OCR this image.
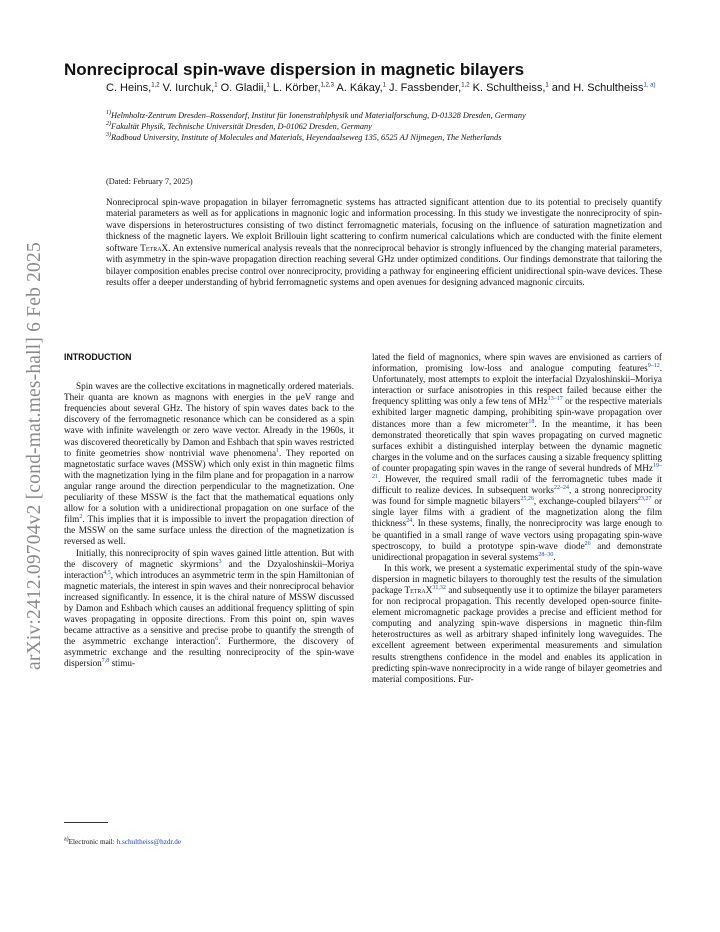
arXiv:2412.09704v2 [cond-mat.mes-hall] 6 Feb 2025
Nonreciprocal spin-wave dispersion in magnetic bilayers
C. Heins,$^{1,2}$ V. Iurchuk,$^1$ O. Gladii,$^1$ L. Körber,$^{1,2,3}$ A. Kákay,$^1$ J. Fassbender,$^{1,2}$ K. Schultheiss,$^1$ and H. Schultheiss$^{1, a)}$
$^{1)}$Helmholtz-Zentrum Dresden–Rossendorf, Institut für Ionenstrahlphysik und Materialforschung, D-01328 Dresden, Germany
$^{2)}$Fakultät Physik, Technische Universität Dresden, D-01062 Dresden, Germany
$^{3)}$Radboud University, Institute of Molecules and Materials, Heyendaalseweg 135, 6525 AJ Nijmegen, The Netherlands
(Dated: February 7, 2025)

Nonreciprocal spin-wave propagation in bilayer ferromagnetic systems has attracted significant attention due to its potential to precisely quantify material parameters as well as for applications in magnonic logic and information processing. In this study we investigate the nonreciprocity of spin-wave dispersions in heterostructures consisting of two distinct ferromagnetic materials, focusing on the influence of saturation magnetization and thickness of the magnetic layers. We exploit Brillouin light scattering to confirm numerical calculations which are conducted with the finite element software TetraX. An extensive numerical analysis reveals that the nonreciprocal behavior is strongly influenced by the changing material parameters, with asymmetry in the spin-wave propagation direction reaching several GHz under optimized conditions. Our findings demonstrate that tailoring the bilayer composition enables precise control over nonreciprocity, providing a pathway for engineering efficient unidirectional spin-wave devices. These results offer a deeper understanding of hybrid ferromagnetic systems and open avenues for designing advanced magnonic circuits.

INTRODUCTION

Spin waves are the collective excitations in magnetically ordered materials. Their quanta are known as magnons with energies in the μeV range and frequencies about several GHz. The history of spin waves dates back to the discovery of the ferromagnetic resonance which can be considered as a spin wave with infinite wavelength or zero wave vector. Already in the 1960s, it was discovered theoretically by Damon and Eshbach that spin waves restricted to finite geometries show nontrivial wave phenomena$^1$. They reported on magnetostatic surface waves (MSSW) which only exist in thin magnetic films with the magnetization lying in the film plane and for propagation in a narrow angular range around the direction perpendicular to the magnetization. One peculiarity of these MSSW is the fact that the mathematical equations only allow for a solution with a unidirectional propagation on one surface of the film$^2$. This implies that it is impossible to invert the propagation direction of the MSSW on the same surface unless the direction of the magnetization is reversed as well.

Initially, this nonreciprocity of spin waves gained little attention. But with the discovery of magnetic skyrmions$^3$ and the Dzyaloshinskii–Moriya interaction$^{4,5}$, which introduces an asymmetric term in the spin Hamiltonian of magnetic materials, the interest in spin waves and their nonreciprocal behavior increased significantly. In essence, it is the chiral nature of MSSW discussed by Damon and Eshbach which causes an additional frequency splitting of spin waves propagating in opposite directions. From this point on, spin waves became attractive as a sensitive and precise probe to quantify the strength of the asymmetric exchange interaction$^6$. Furthermore, the discovery of asymmetric exchange and the resulting nonreciprocity of the spin-wave dispersion$^{7,8}$ stimu-

lated the field of magnonics, where spin waves are envisioned as carriers of information, promising low-loss and analogue computing features$^{9-12}$. Unfortunately, most attempts to exploit the interfacial Dzyaloshinskii–Moriya interaction or surface anisotropies in this respect failed because either the frequency splitting was only a few tens of MHz$^{13-17}$ or the respective materials exhibited larger magnetic damping, prohibiting spin-wave propagation over distances more than a few micrometer$^{18}$. In the meantime, it has been demonstrated theoretically that spin waves propagating on curved magnetic surfaces exhibit a distinguished interplay between the dynamic magnetic charges in the volume and on the surfaces causing a sizable frequency splitting of counter propagating spin waves in the range of several hundreds of MHz$^{19-21}$. However, the required small radii of the ferromagnetic tubes made it difficult to realize devices. In subsequent works$^{22-24}$, a strong nonreciprocity was found for simple magnetic bilayers$^{25,26}$, exchange-coupled bilayers$^{23,27}$ or single layer films with a gradient of the magnetization along the film thickness$^{24}$. In these systems, finally, the nonreciprocity was large enough to be quantified in a small range of wave vectors using propagating spin-wave spectroscopy, to build a prototype spin-wave diode$^{26}$ and demonstrate unidirectional propagation in several systems$^{28-30}$.

In this work, we present a systematic experimental study of the spin-wave dispersion in magnetic bilayers to thoroughly test the results of the simulation package TetraX$^{31,32}$ and subsequently use it to optimize the bilayer parameters for non reciprocal propagation. This recently developed open-source finite-element micromagnetic package provides a precise and efficient method for computing and analyzing spin-wave dispersions in magnetic thin-film heterostructures as well as arbitrary shaped infinitely long waveguides. The excellent agreement between experimental measurements and simulation results strengthens confidence in the model and enables its application in predicting spin-wave nonreciprocity in a wide range of bilayer geometries and material compositions. Fur-

$^{a)}$Electronic mail: h.schultheiss@hzdr.de
